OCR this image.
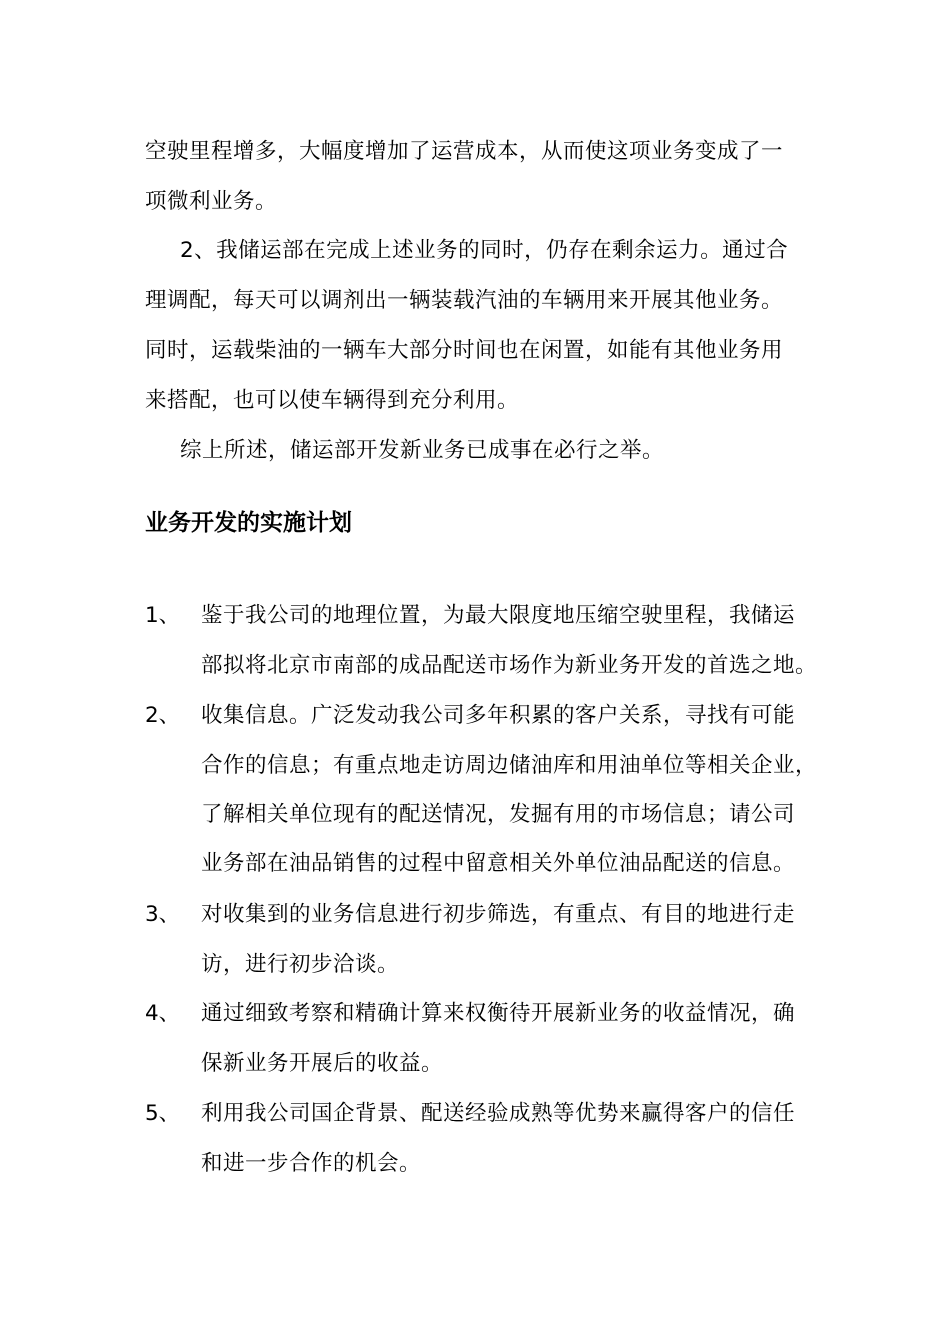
空驶里程增多，大幅度增加了运营成本，从而使这项业务变成了一
项微利业务。
2、我储运部在完成上述业务的同时，仍存在剩余运力。通过合
理调配，每天可以调剂出一辆装载汽油的车辆用来开展其他业务。
同时，运载柴油的一辆车大部分时间也在闲置，如能有其他业务用
来搭配，也可以使车辆得到充分利用。
综上所述，储运部开发新业务已成事在必行之举。
业务开发的实施计划
1、 鉴于我公司的地理位置，为最大限度地压缩空驶里程，我储运
部拟将北京市南部的成品配送市场作为新业务开发的首选之地。
2、 收集信息。广泛发动我公司多年积累的客户关系，寻找有可能
合作的信息；有重点地走访周边储油库和用油单位等相关企业，
了解相关单位现有的配送情况，发掘有用的市场信息；请公司
业务部在油品销售的过程中留意相关外单位油品配送的信息。
3、 对收集到的业务信息进行初步筛选，有重点、有目的地进行走
访，进行初步洽谈。
4、 通过细致考察和精确计算来权衡待开展新业务的收益情况，确
保新业务开展后的收益。
5、 利用我公司国企背景、配送经验成熟等优势来赢得客户的信任
和进一步合作的机会。
